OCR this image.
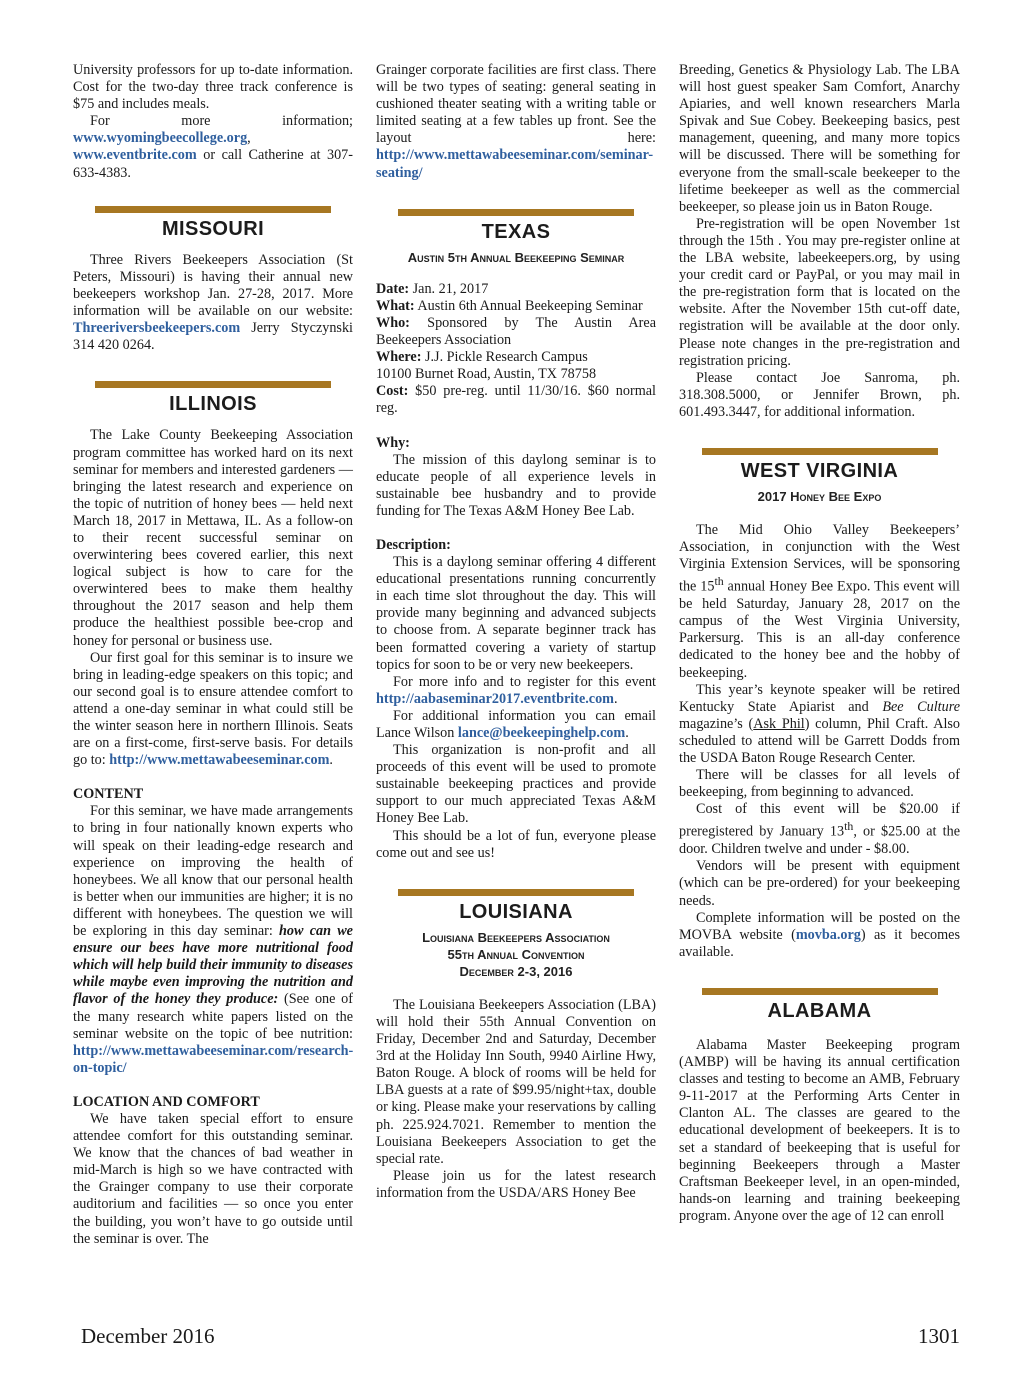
University professors for up to-date information. Cost for the two-day three track conference is $75 and includes meals.

For more information; www.wyomingbeecollege.org, www.eventbrite.com or call Catherine at 307-633-4383.

MISSOURI

Three Rivers Beekeepers Association (St Peters, Missouri) is having their annual new beekeepers workshop Jan. 27-28, 2017. More information will be available on our website: Threeriversbeekeepers.com Jerry Styczynski 314 420 0264.

ILLINOIS

The Lake County Beekeeping Association program committee has worked hard on its next seminar for members and interested gardeners — bringing the latest research and experience on the topic of nutrition of honey bees — held next March 18, 2017 in Mettawa, IL. As a follow-on to their recent successful seminar on overwintering bees covered earlier, this next logical subject is how to care for the overwintered bees to make them healthy throughout the 2017 season and help them produce the healthiest possible bee-crop and honey for personal or business use.

Our first goal for this seminar is to insure we bring in leading-edge speakers on this topic; and our second goal is to ensure attendee comfort to attend a one-day seminar in what could still be the winter season here in northern Illinois. Seats are on a first-come, first-serve basis. For details go to: http://www.mettawabeeseminar.com.

CONTENT

For this seminar, we have made arrangements to bring in four nationally known experts who will speak on their leading-edge research and experience on improving the health of honeybees. We all know that our personal health is better when our immunities are higher; it is no different with honeybees. The question we will be exploring in this day seminar: how can we ensure our bees have more nutritional food which will help build their immunity to diseases while maybe even improving the nutrition and flavor of the honey they produce: (See one of the many research white papers listed on the seminar website on the topic of bee nutrition: http://www.mettawabeeseminar.com/research-on-topic/

LOCATION AND COMFORT

We have taken special effort to ensure attendee comfort for this outstanding seminar. We know that the chances of bad weather in mid-March is high so we have contracted with the Grainger company to use their corporate auditorium and facilities — so once you enter the building, you won’t have to go outside until the seminar is over. The

Grainger corporate facilities are first class. There will be two types of seating: general seating in cushioned theater seating with a writing table or limited seating at a few tables up front. See the layout here: http://www.mettawabeeseminar.com/seminar-seating/

TEXAS
Austin 5th Annual Beekeeping Seminar

Date: Jan. 21, 2017

What: Austin 6th Annual Beekeeping Seminar

Who: Sponsored by The Austin Area Beekeepers Association

Where: J.J. Pickle Research Campus

10100 Burnet Road, Austin, TX 78758

Cost: $50 pre-reg. until 11/30/16. $60 normal reg.

Why:

The mission of this daylong seminar is to educate people of all experience levels in sustainable bee husbandry and to provide funding for The Texas A&M Honey Bee Lab.

Description:

This is a daylong seminar offering 4 different educational presentations running concurrently in each time slot throughout the day. This will provide many beginning and advanced subjects to choose from. A separate beginner track has been formatted covering a variety of startup topics for soon to be or very new beekeepers.

For more info and to register for this event http://aabaseminar2017.eventbrite.com.

For additional information you can email Lance Wilson lance@beekeepinghelp.com.

This organization is non-profit and all proceeds of this event will be used to promote sustainable beekeeping practices and provide support to our much appreciated Texas A&M Honey Bee Lab.

This should be a lot of fun, everyone please come out and see us!

LOUISIANA
Louisiana Beekeepers Association
55th Annual Convention
December 2-3, 2016

The Louisiana Beekeepers Association (LBA) will hold their 55th Annual Convention on Friday, December 2nd and Saturday, December 3rd at the Holiday Inn South, 9940 Airline Hwy, Baton Rouge. A block of rooms will be held for LBA guests at a rate of $99.95/night+tax, double or king. Please make your reservations by calling ph. 225.924.7021. Remember to mention the Louisiana Beekeepers Association to get the special rate.

Please join us for the latest research information from the USDA/ARS Honey Bee

Breeding, Genetics & Physiology Lab. The LBA will host guest speaker Sam Comfort, Anarchy Apiaries, and well known researchers Marla Spivak and Sue Cobey. Beekeeping basics, pest management, queening, and many more topics will be discussed. There will be something for everyone from the small-scale beekeeper to the lifetime beekeeper as well as the commercial beekeeper, so please join us in Baton Rouge.

Pre-registration will be open November 1st through the 15th . You may pre-register online at the LBA website, labeekeepers.org, by using your credit card or PayPal, or you may mail in the pre-registration form that is located on the website. After the November 15th cut-off date, registration will be available at the door only. Please note changes in the pre-registration and registration pricing.

Please contact Joe Sanroma, ph. 318.308.5000, or Jennifer Brown, ph. 601.493.3447, for additional information.

WEST VIRGINIA
2017 Honey Bee Expo

The Mid Ohio Valley Beekeepers’ Association, in conjunction with the West Virginia Extension Services, will be sponsoring the 15th annual Honey Bee Expo. This event will be held Saturday, January 28, 2017 on the campus of the West Virginia University, Parkersurg. This is an all-day conference dedicated to the honey bee and the hobby of beekeeping.

This year’s keynote speaker will be retired Kentucky State Apiarist and Bee Culture magazine’s (Ask Phil) column, Phil Craft. Also scheduled to attend will be Garrett Dodds from the USDA Baton Rouge Research Center.

There will be classes for all levels of beekeeping, from beginning to advanced.

Cost of this event will be $20.00 if preregistered by January 13th, or $25.00 at the door. Children twelve and under - $8.00.

Vendors will be present with equipment (which can be pre-ordered) for your beekeeping needs.

Complete information will be posted on the MOVBA website (movba.org) as it becomes available.

ALABAMA

Alabama Master Beekeeping program (AMBP) will be having its annual certification classes and testing to become an AMB, February 9-11-2017 at the Performing Arts Center in Clanton AL. The classes are geared to the educational development of beekeepers. It is to set a standard of beekeeping that is useful for beginning Beekeepers through a Master Craftsman Beekeeper level, in an open-minded, hands-on learning and training beekeeping program. Anyone over the age of 12 can enroll

December 2016	1301
